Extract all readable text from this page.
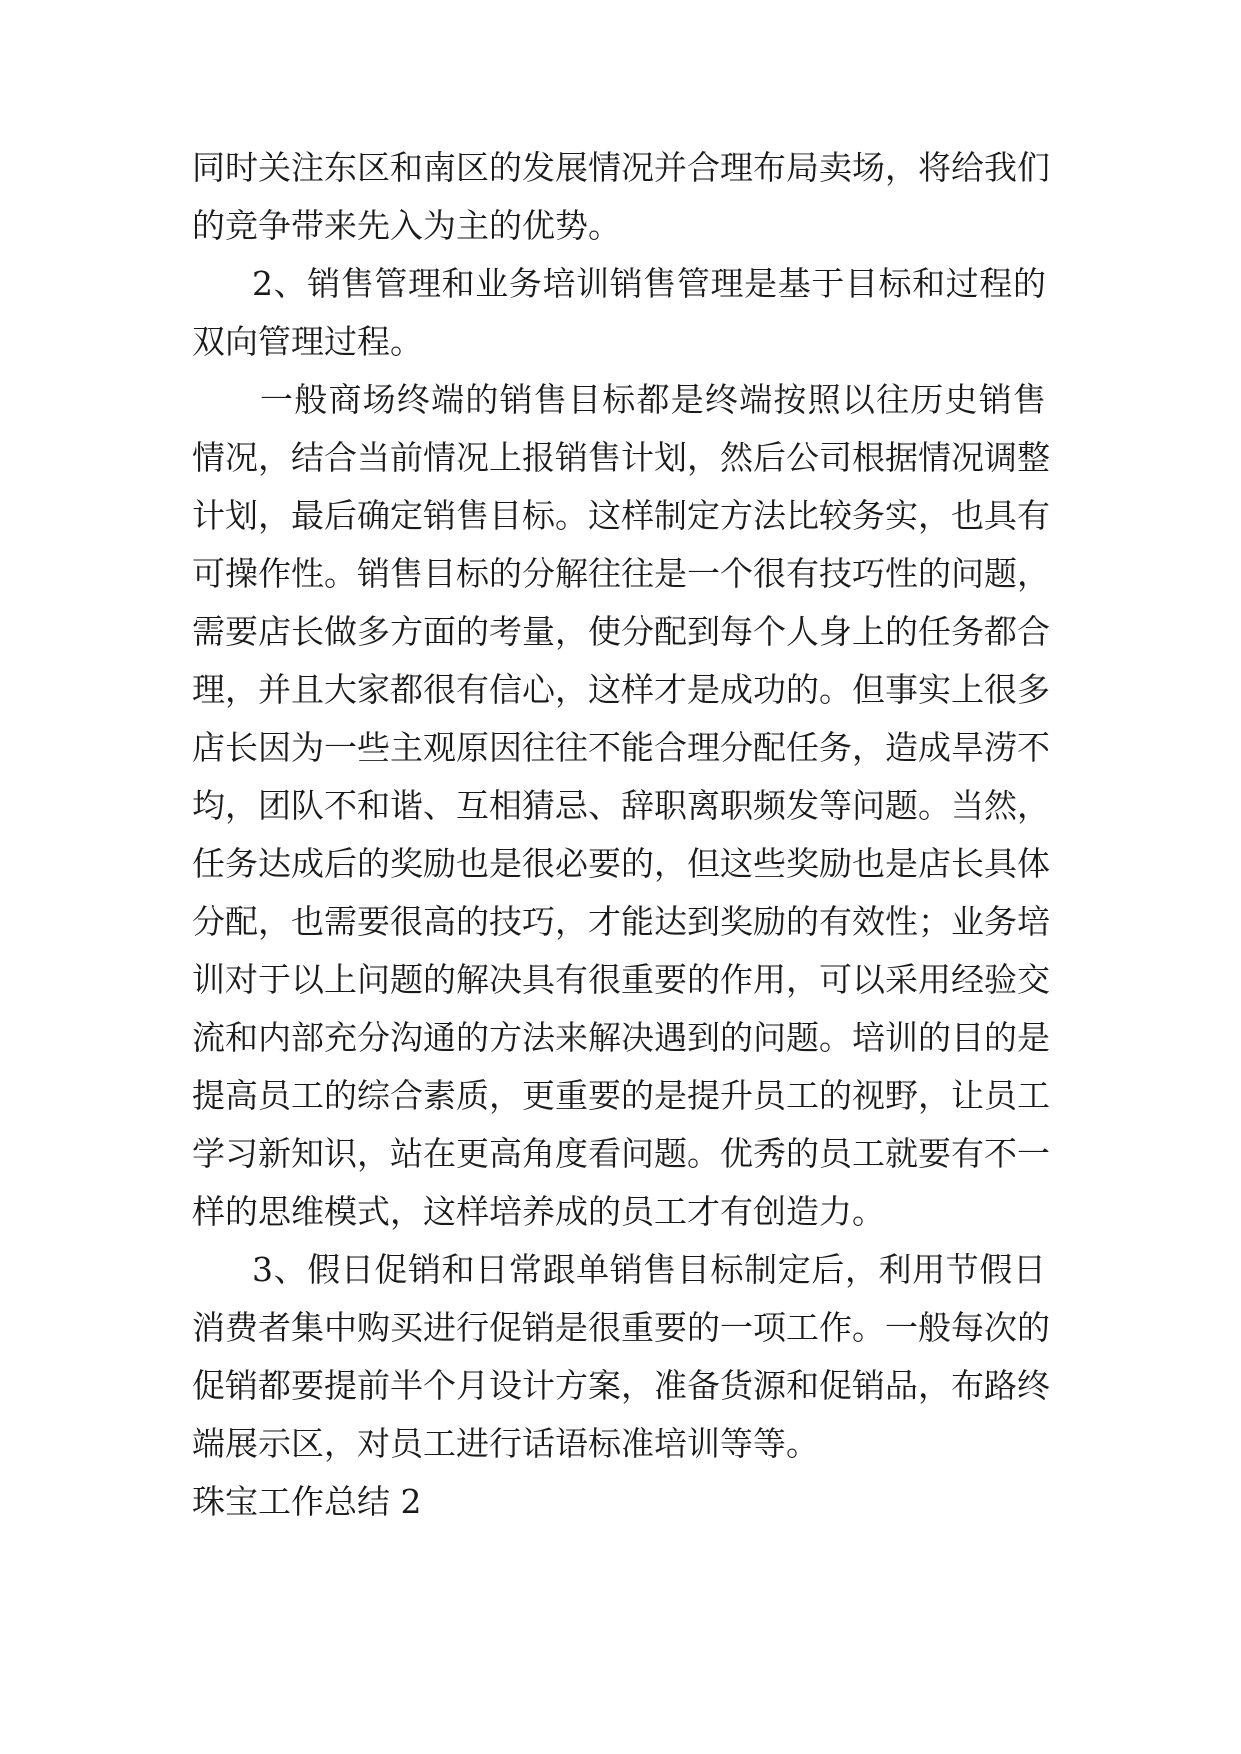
同时关注东区和南区的发展情况并合理布局卖场，将给我们
的竞争带来先入为主的优势。
2、销售管理和业务培训销售管理是基于目标和过程的
双向管理过程。
一般商场终端的销售目标都是终端按照以往历史销售
情况，结合当前情况上报销售计划，然后公司根据情况调整
计划，最后确定销售目标。这样制定方法比较务实，也具有
可操作性。销售目标的分解往往是一个很有技巧性的问题，
需要店长做多方面的考量，使分配到每个人身上的任务都合
理，并且大家都很有信心，这样才是成功的。但事实上很多
店长因为一些主观原因往往不能合理分配任务，造成旱涝不
均，团队不和谐、互相猜忌、辞职离职频发等问题。当然，
任务达成后的奖励也是很必要的，但这些奖励也是店长具体
分配，也需要很高的技巧，才能达到奖励的有效性；业务培
训对于以上问题的解决具有很重要的作用，可以采用经验交
流和内部充分沟通的方法来解决遇到的问题。培训的目的是
提高员工的综合素质，更重要的是提升员工的视野，让员工
学习新知识，站在更高角度看问题。优秀的员工就要有不一
样的思维模式，这样培养成的员工才有创造力。
3、假日促销和日常跟单销售目标制定后，利用节假日
消费者集中购买进行促销是很重要的一项工作。一般每次的
促销都要提前半个月设计方案，准备货源和促销品，布路终
端展示区，对员工进行话语标准培训等等。
珠宝工作总结 2
